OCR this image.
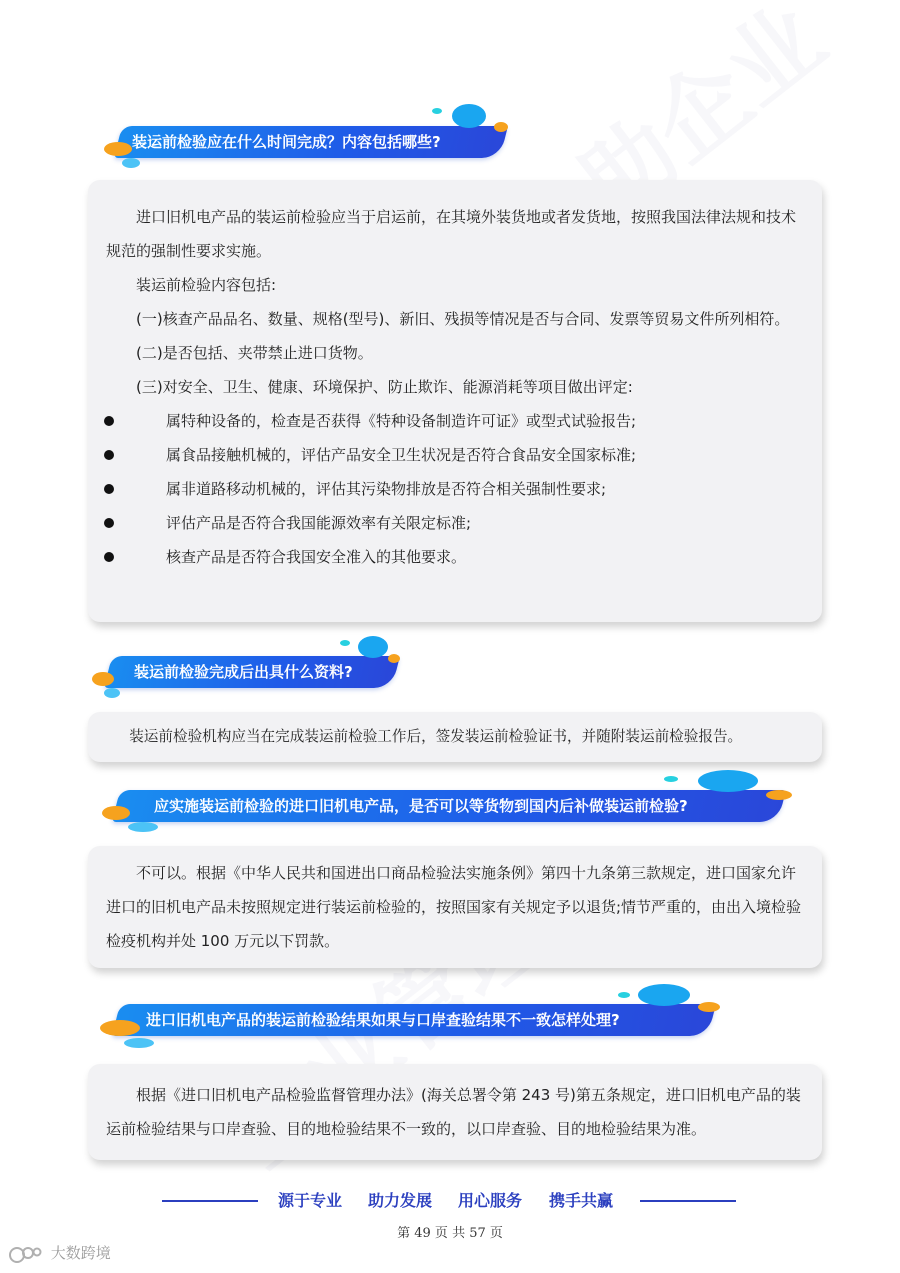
装运前检验应在什么时间完成？内容包括哪些?

进口旧机电产品的装运前检验应当于启运前，在其境外装货地或者发货地，按照我国法律法规和技术规范的强制性要求实施。

装运前检验内容包括:

(一)核查产品品名、数量、规格(型号)、新旧、残损等情况是否与合同、发票等贸易文件所列相符。

(二)是否包括、夹带禁止进口货物。

(三)对安全、卫生、健康、环境保护、防止欺诈、能源消耗等项目做出评定:

属特种设备的，检查是否获得《特种设备制造许可证》或型式试验报告;

属食品接触机械的，评估产品安全卫生状况是否符合食品安全国家标准;

属非道路移动机械的，评估其污染物排放是否符合相关强制性要求;

评估产品是否符合我国能源效率有关限定标准;

核查产品是否符合我国安全准入的其他要求。

装运前检验完成后出具什么资料?

装运前检验机构应当在完成装运前检验工作后，签发装运前检验证书，并随附装运前检验报告。

应实施装运前检验的进口旧机电产品，是否可以等货物到国内后补做装运前检验?

不可以。根据《中华人民共和国进出口商品检验法实施条例》第四十九条第三款规定，进口国家允许进口的旧机电产品未按照规定进行装运前检验的，按照国家有关规定予以退货;情节严重的，由出入境检验检疫机构并处 100 万元以下罚款。

进口旧机电产品的装运前检验结果如果与口岸查验结果不一致怎样处理?

根据《进口旧机电产品检验监督管理办法》(海关总署令第 243 号)第五条规定，进口旧机电产品的装运前检验结果与口岸查验、目的地检验结果不一致的，以口岸查验、目的地检验结果为准。

源于专业 助力发展 用心服务 携手共赢
第 49 页 共 57 页
大数跨境
